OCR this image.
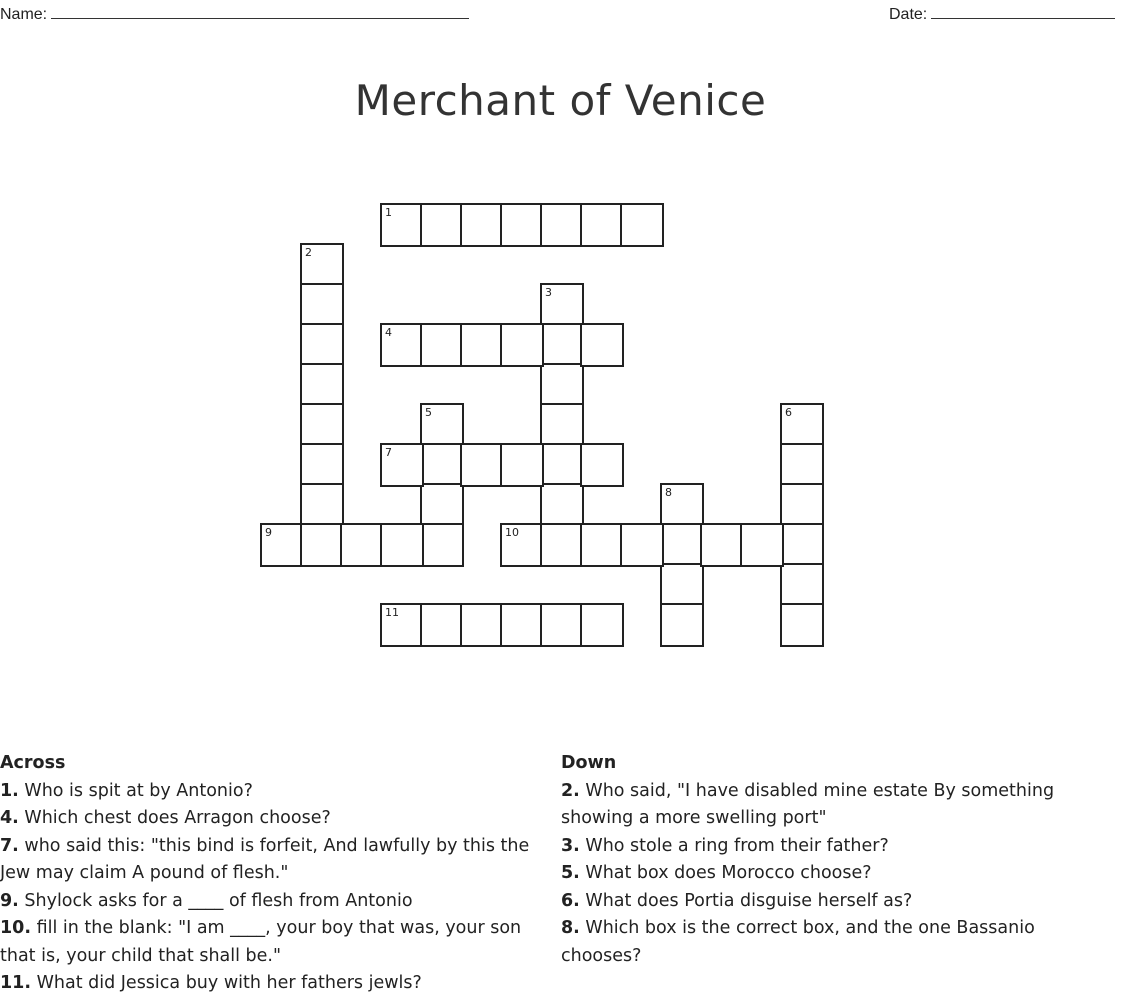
Name:	Date:
Merchant of Venice
1
2
3
4
5	6
7
8
9	10
11
Across

1. Who is spit at by Antonio?

4. Which chest does Arragon choose?

7. who said this: "this bind is forfeit, And lawfully by this the Jew may claim A pound of flesh."

9. Shylock asks for a ____ of flesh from Antonio

10. fill in the blank: "I am ____, your boy that was, your son that is, your child that shall be."

11. What did Jessica buy with her fathers jewls?

Down

2. Who said, "I have disabled mine estate By something showing a more swelling port"

3. Who stole a ring from their father?

5. What box does Morocco choose?

6. What does Portia disguise herself as?

8. Which box is the correct box, and the one Bassanio chooses?
